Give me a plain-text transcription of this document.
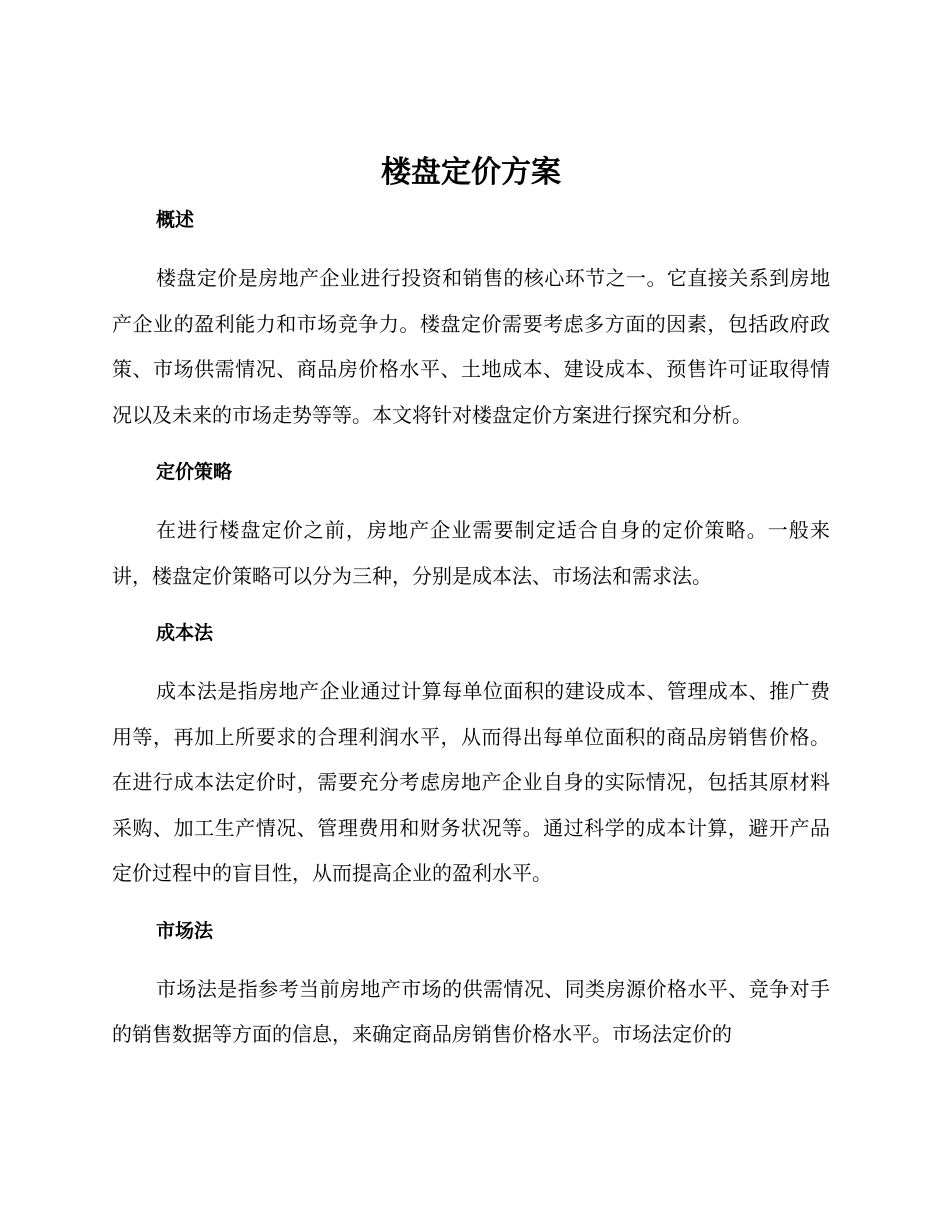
楼盘定价方案
概述

楼盘定价是房地产企业进行投资和销售的核心环节之一。它直接关系到房地产企业的盈利能力和市场竞争力。楼盘定价需要考虑多方面的因素，包括政府政策、市场供需情况、商品房价格水平、土地成本、建设成本、预售许可证取得情况以及未来的市场走势等等。本文将针对楼盘定价方案进行探究和分析。

定价策略

在进行楼盘定价之前，房地产企业需要制定适合自身的定价策略。一般来讲，楼盘定价策略可以分为三种，分别是成本法、市场法和需求法。

成本法

成本法是指房地产企业通过计算每单位面积的建设成本、管理成本、推广费用等，再加上所要求的合理利润水平，从而得出每单位面积的商品房销售价格。在进行成本法定价时，需要充分考虑房地产企业自身的实际情况，包括其原材料采购、加工生产情况、管理费用和财务状况等。通过科学的成本计算，避开产品定价过程中的盲目性，从而提高企业的盈利水平。

市场法

市场法是指参考当前房地产市场的供需情况、同类房源价格水平、竞争对手的销售数据等方面的信息，来确定商品房销售价格水平。市场法定价的
